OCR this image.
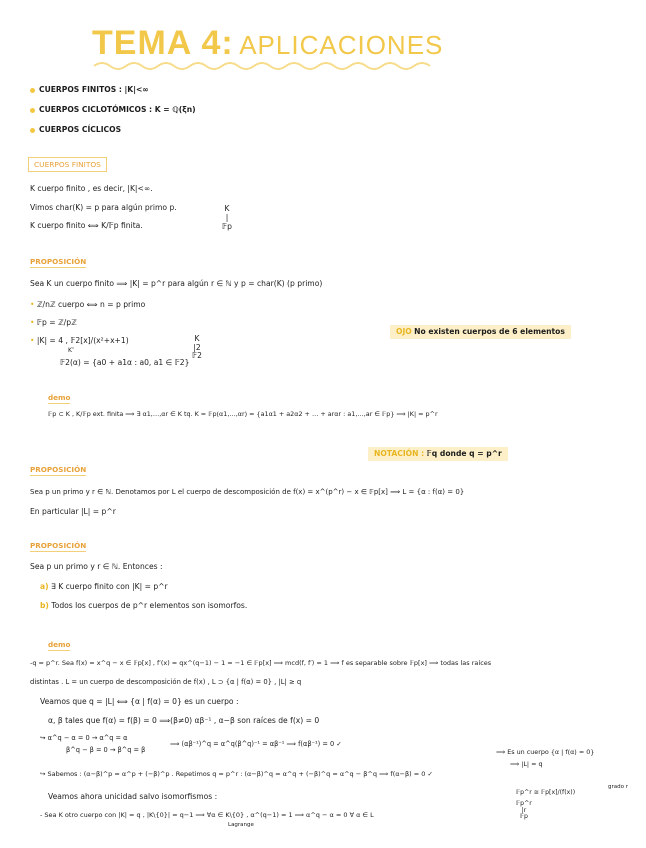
TEMA 4: APLICACIONES
CUERPOS FINITOS : |K|<∞
CUERPOS CICLOTÓMICOS : K = ℚ(ξn)
CUERPOS CÍCLICOS
CUERPOS FINITOS
K cuerpo finito , es decir, |K|<∞.
Vimos char(K) = p para algún primo p.
K cuerpo finito ⟺ K/𝔽p finita.
K
|
𝔽p
PROPOSICIÓN
Sea K un cuerpo finito ⟹ |K| = p^r para algún r ∈ ℕ y p = char(K) (p primo)
• ℤ/nℤ cuerpo ⟺ n = p primo
• 𝔽p = ℤ/pℤ
• |K| = 4 , 𝔽2[x]/(x²+x+1)
K″
𝔽2(α) = {a0 + a1α : a0, a1 ∈ 𝔽2}
K
|2
𝔽2
OJO No existen cuerpos de 6 elementos
demo
𝔽p ⊂ K , K/𝔽p ext. finita ⟹ ∃ α1,…,αr ∈ K tq. K = 𝔽p(α1,…,αr) = {a1α1 + a2α2 + … + arαr : a1,…,ar ∈ 𝔽p} ⟹ |K| = p^r
NOTACIÓN : 𝔽q donde q = p^r
PROPOSICIÓN
Sea p un primo y r ∈ ℕ. Denotamos por L el cuerpo de descomposición de f(x) = x^(p^r) − x ∈ 𝔽p[x] ⟹ L = {α : f(α) = 0}
En particular |L| = p^r
PROPOSICIÓN
Sea p un primo y r ∈ ℕ. Entonces :
a) ∃ K cuerpo finito con |K| = p^r
b) Todos los cuerpos de p^r elementos son isomorfos.
demo
-q = p^r. Sea f(x) = x^q − x ∈ 𝔽p[x] , f′(x) = qx^(q−1) − 1 = −1 ∈ 𝔽p[x] ⟹ mcd(f, f′) = 1 ⟹ f es separable sobre 𝔽p[x] ⟹ todas las raíces
distintas . L = un cuerpo de descomposición de f(x) , L ⊃ {α | f(α) = 0} , |L| ≥ q
Veamos que q = |L| ⟺ {α | f(α) = 0} es un cuerpo :
α, β tales que f(α) = f(β) = 0 ⟹(β≠0) αβ⁻¹ , α−β son raíces de f(x) = 0
↪ α^q − α = 0 → α^q = α
β^q − β = 0 → β^q = β
⟹ (αβ⁻¹)^q = α^q(β^q)⁻¹ = αβ⁻¹ ⟹ f(αβ⁻¹) = 0 ✓
⟹ Es un cuerpo {α | f(α) = 0}
⟹ |L| = q
↪ Sabemos : (α−β)^p = α^p + (−β)^p . Repetimos q = p^r : (α−β)^q = α^q + (−β)^q = α^q − β^q ⟹ f(α−β) = 0 ✓
Veamos ahora unicidad salvo isomorfismos :
- Sea K otro cuerpo con |K| = q , |K\{0}| = q−1 ⟹ ∀α ∈ K\{0} , α^(q−1) = 1 ⟹ α^q − α = 0 ∀ α ∈ L
Lagrange
𝔽p^r ≅ 𝔽p[x]/(f(x))
grado r
𝔽p^r
|r
𝔽p
